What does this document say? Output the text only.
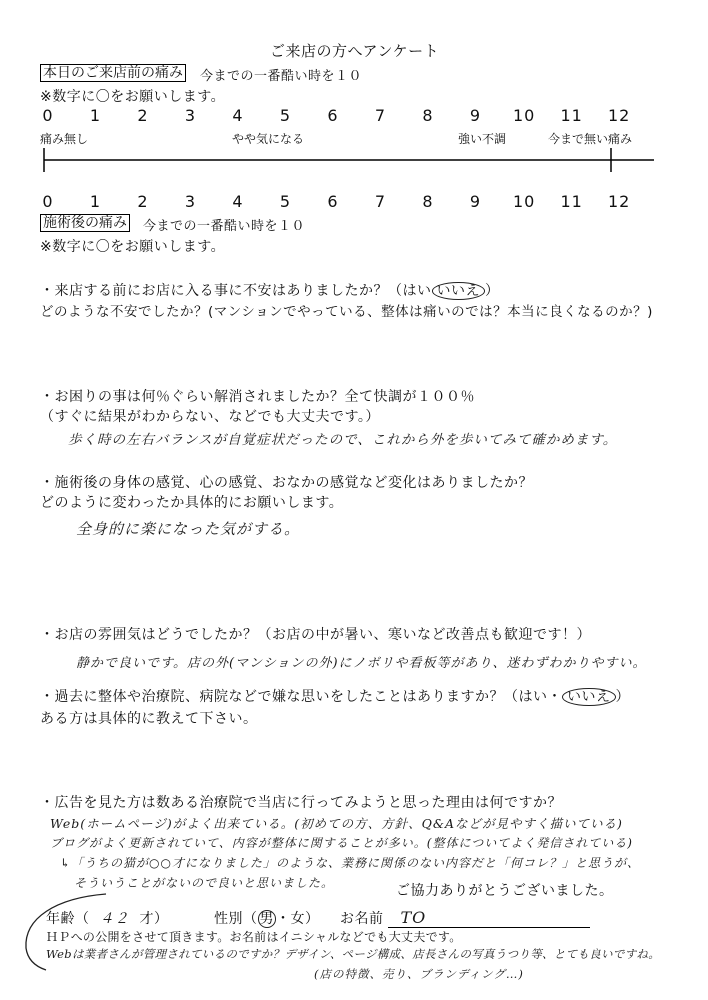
ご来店の方へアンケート
本日のご来店前の痛み 今までの一番酷い時を１０
※数字に〇をお願いします。
0 1 2 3 4 5 6 7 8 9 10 11 12
痛み無し	やや気になる	強い不調	今まで無い痛み
0 1 2 3 4 5 6 7 8 9 10 11 12
施術後の痛み 今までの一番酷い時を１０
※数字に〇をお願いします。
・来店する前にお店に入る事に不安はありましたか？（はい いいえ ）
どのような不安でしたか？(マンションでやっている、整体は痛いのでは？本当に良くなるのか？)
・お困りの事は何％ぐらい解消されましたか？全て快調が１００％
（すぐに結果がわからない、などでも大丈夫です。）
歩く時の左右バランスが自覚症状だったので、これから外を歩いてみて確かめます。
・施術後の身体の感覚、心の感覚、おなかの感覚など変化はありましたか？
どのように変わったか具体的にお願いします。
全身的に楽になった気がする。
・お店の雰囲気はどうでしたか？（お店の中が暑い、寒いなど改善点も歓迎です！）
静かで良いです。店の外(マンションの外)にノボリや看板等があり、迷わずわかりやすい。
・過去に整体や治療院、病院などで嫌な思いをしたことはありますか？（はい・ いいえ ）
ある方は具体的に教えて下さい。
・広告を見た方は数ある治療院で当店に行ってみようと思った理由は何ですか？
Web(ホームページ)がよく出来ている。(初めての方、方針、Q&Aなどが見やすく描いている)
ブログがよく更新されていて、内容が整体に関することが多い。(整体についてよく発信されている)
↳「うちの猫が○○才になりました」のような、業務に関係のない内容だと「何コレ？」と思うが、
そういうことがないので良いと思いました。	ご協力ありがとうございました。
年齢（ ４２ 才）	性別（ 男 ・女） お名前 TO
ＨＰへの公開をさせて頂きます。お名前はイニシャルなどでも大丈夫です。
Webは業者さんが管理されているのですか？デザイン、ページ構成、店長さんの写真うつり等、とても良いですね。
(店の特徴、売り、ブランディング…)
